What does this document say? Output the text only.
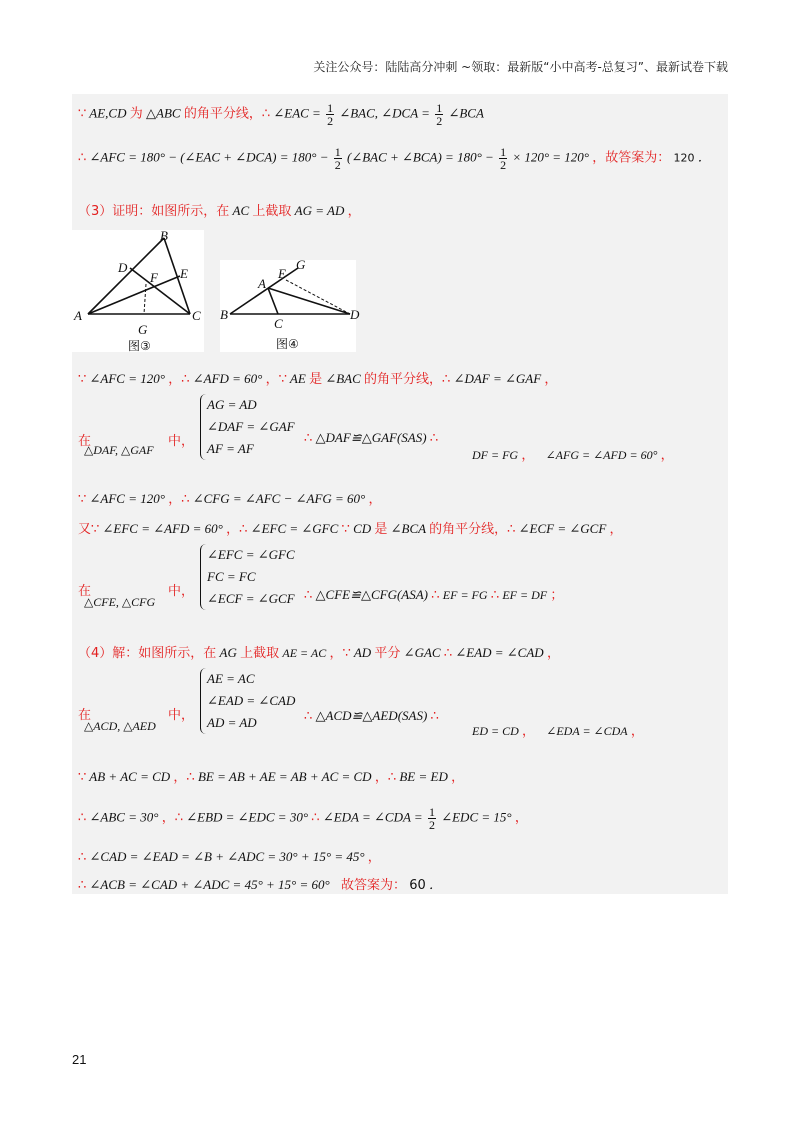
关注公众号：陆陆高分冲刺 ~领取：最新版“小中高考-总复习”、最新试卷下载
∵ AE,CD 为 △ABC 的角平分线，∴ ∠EAC = $\frac{1}{2}$ ∠BAC, ∠DCA = $\frac{1}{2}$ ∠BCA
∴ ∠AFC = 180° − (∠EAC + ∠DCA) = $180^\circ - \frac{1}{2}$ (∠BAC + ∠BCA) = $180^\circ - \frac{1}{2} \times 120^\circ = 120^\circ$ ，故答案为： 120 ．
（3）证明：如图所示，在 AC 上截取 AG = AD ，
A
B
C
D	E
F
G
图③
B	D
A
C
E
G
图④
∵ ∠AFC = 120° ，∴ ∠AFD = 60° ，∵ AE 是 ∠BAC 的角平分线，∴ ∠DAF = ∠GAF ，
AG = AD
∠DAF = ∠GAF
AF = AF
在
△DAF, △GAF
中，	∴ △DAF≌△GAF(SAS) ∴
DF = FG ， ∠AFG = ∠AFD = 60° ，
∵ ∠AFC = 120° ，∴ ∠CFG = ∠AFC − ∠AFG = 60° ，
又∵ ∠EFC = ∠AFD = 60° ，∴ ∠EFC = ∠GFC ∵ CD 是 ∠BCA 的角平分线，∴ ∠ECF = ∠GCF ，
∠EFC = ∠GFC
FC = FC
∠ECF = ∠GCF
在
△CFE, △CFG
中，	∴ △CFE≌△CFG(ASA) ∴ EF = FG ∴ EF = DF ；
（4）解：如图所示，在 AG 上截取 AE = AC ，∵ AD 平分 ∠GAC ∴ ∠EAD = ∠CAD ，
AE = AC
∠EAD = ∠CAD
AD = AD
在
△ACD, △AED
中，	∴ △ACD≌△AED(SAS) ∴
ED = CD ， ∠EDA = ∠CDA ，
∵ AB + AC = CD ，∴ BE = AB + AE = AB + AC = CD ，∴ BE = ED ，
∴ ∠ABC = 30° ，∴ ∠EBD = ∠EDC = 30° ∴ ∠EDA = ∠CDA = $\frac{1}{2}$ ∠EDC = 15° ，
∴ ∠CAD = ∠EAD = ∠B + ∠ADC = 30° + 15° = 45° ，
∴ ∠ACB = ∠CAD + ∠ADC = 45° + 15° = 60° 故答案为： 60 ．
21
